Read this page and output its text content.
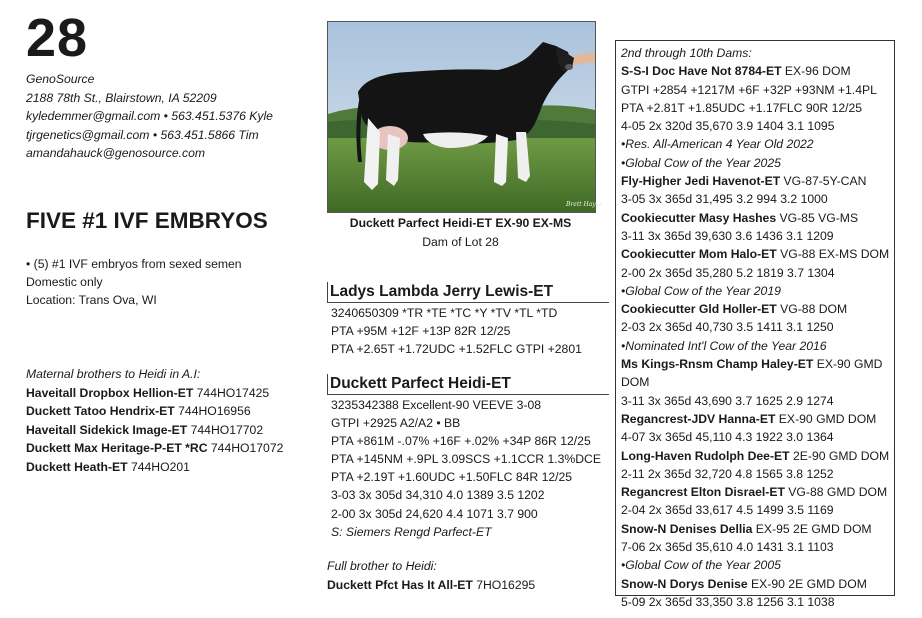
28
GenoSource
2188 78th St., Blairstown, IA 52209
kyledemmer@gmail.com • 563.451.5376 Kyle
tjrgenetics@gmail.com • 563.451.5866 Tim
amandahauck@genosource.com
FIVE #1 IVF EMBRYOS
• (5) #1 IVF embryos from sexed semen
Domestic only
Location: Trans Ova, WI
Maternal brothers to Heidi in A.I:
Haveitall Dropbox Hellion-ET 744HO17425
Duckett Tatoo Hendrix-ET 744HO16956
Haveitall Sidekick Image-ET 744HO17702
Duckett Max Heritage-P-ET *RC 744HO17072
Duckett Heath-ET 744HO201
Brett Hayes
Duckett Parfect Heidi-ET EX-90 EX-MS
Dam of Lot 28
Ladys Lambda Jerry Lewis-ET
3240650309 *TR *TE *TC *Y *TV *TL *TD
PTA +95M +12F +13P 82R 12/25
PTA +2.65T +1.72UDC +1.52FLC GTPI +2801
Duckett Parfect Heidi-ET
3235342388 Excellent-90 VEEVE 3-08
GTPI +2925 A2/A2 • BB
PTA +861M -.07% +16F +.02% +34P 86R 12/25
PTA +145NM +.9PL 3.09SCS +1.1CCR 1.3%DCE
PTA +2.19T +1.60UDC +1.50FLC 84R 12/25
3-03 3x 305d 34,310 4.0 1389 3.5 1202
2-00 3x 305d 24,620 4.4 1071 3.7 900
S: Siemers Rengd Parfect-ET
Full brother to Heidi:
Duckett Pfct Has It All-ET 7HO16295
2nd through 10th Dams:
S-S-I Doc Have Not 8784-ET EX-96 DOM
GTPI +2854 +1217M +6F +32P +93NM +1.4PL
PTA +2.81T +1.85UDC +1.17FLC 90R 12/25
4-05 2x 320d 35,670 3.9 1404 3.1 1095
•Res. All-American 4 Year Old 2022
•Global Cow of the Year 2025
Fly-Higher Jedi Havenot-ET VG-87-5Y-CAN
3-05 3x 365d 31,495 3.2 994 3.2 1000
Cookiecutter Masy Hashes VG-85 VG-MS
3-11 3x 365d 39,630 3.6 1436 3.1 1209
Cookiecutter Mom Halo-ET VG-88 EX-MS DOM
2-00 2x 365d 35,280 5.2 1819 3.7 1304
•Global Cow of the Year 2019
Cookiecutter Gld Holler-ET VG-88 DOM
2-03 2x 365d 40,730 3.5 1411 3.1 1250
•Nominated Int'l Cow of the Year 2016
Ms Kings-Rnsm Champ Haley-ET EX-90 GMD DOM
3-11 3x 365d 43,690 3.7 1625 2.9 1274
Regancrest-JDV Hanna-ET EX-90 GMD DOM
4-07 3x 365d 45,110 4.3 1922 3.0 1364
Long-Haven Rudolph Dee-ET 2E-90 GMD DOM
2-11 2x 365d 32,720 4.8 1565 3.8 1252
Regancrest Elton Disrael-ET VG-88 GMD DOM
2-04 2x 365d 33,617 4.5 1499 3.5 1169
Snow-N Denises Dellia EX-95 2E GMD DOM
7-06 2x 365d 35,610 4.0 1431 3.1 1103
•Global Cow of the Year 2005
Snow-N Dorys Denise EX-90 2E GMD DOM
5-09 2x 365d 33,350 3.8 1256 3.1 1038
